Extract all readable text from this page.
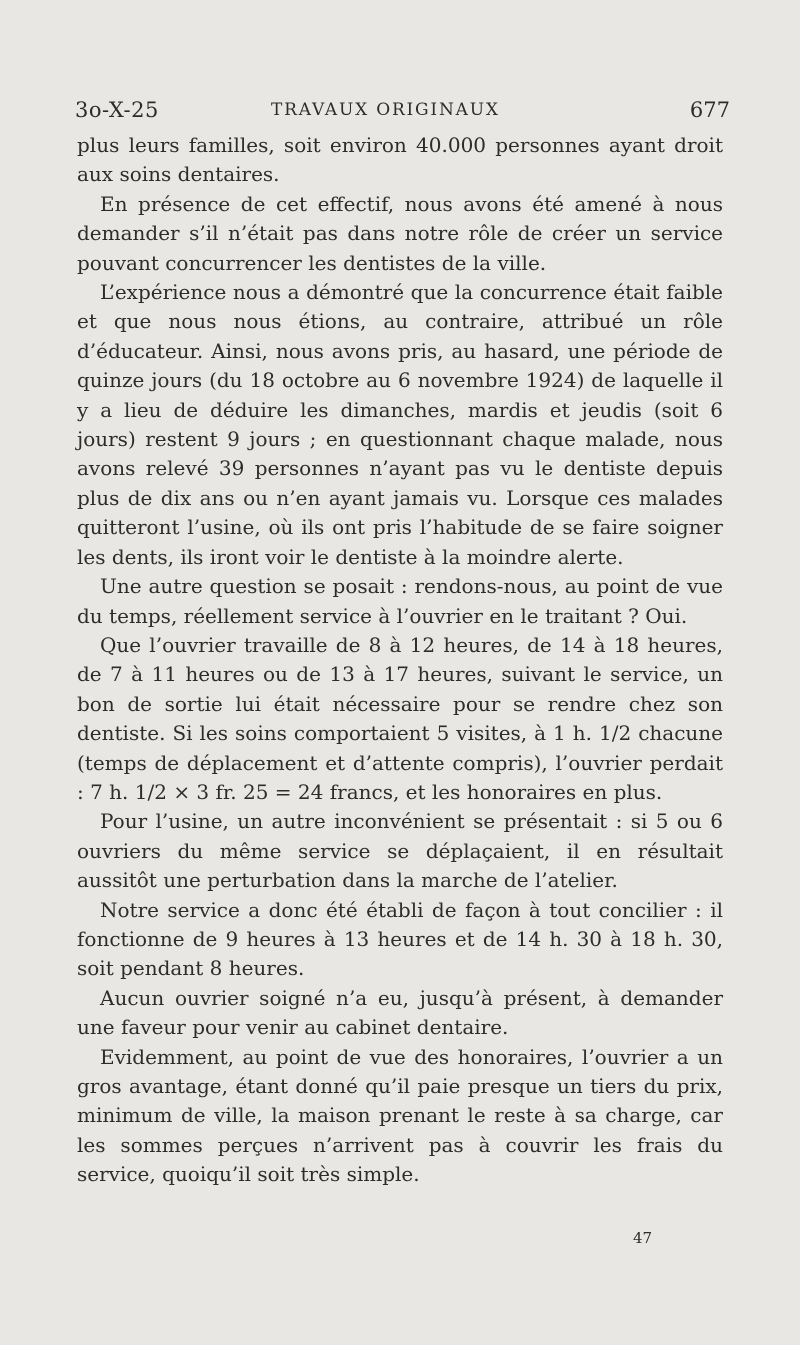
3o-X-25	TRAVAUX ORIGINAUX	677

plus leurs familles, soit environ 40.000 personnes ayant droit aux soins dentaires.

En présence de cet effectif, nous avons été amené à nous demander s’il n’était pas dans notre rôle de créer un service pouvant concurrencer les dentistes de la ville.

L’expérience nous a démontré que la concurrence était faible et que nous nous étions, au contraire, attribué un rôle d’éducateur. Ainsi, nous avons pris, au hasard, une période de quinze jours (du 18 octobre au 6 novembre 1924) de laquelle il y a lieu de déduire les dimanches, mardis et jeudis (soit 6 jours) restent 9 jours ; en questionnant chaque malade, nous avons relevé 39 personnes n’ayant pas vu le dentiste depuis plus de dix ans ou n’en ayant jamais vu. Lorsque ces malades quitteront l’usine, où ils ont pris l’habitude de se faire soigner les dents, ils iront voir le dentiste à la moindre alerte.

Une autre question se posait : rendons-nous, au point de vue du temps, réellement service à l’ouvrier en le traitant ? Oui.

Que l’ouvrier travaille de 8 à 12 heures, de 14 à 18 heures, de 7 à 11 heures ou de 13 à 17 heures, suivant le service, un bon de sortie lui était nécessaire pour se rendre chez son dentiste. Si les soins comportaient 5 visites, à 1 h. 1/2 chacune (temps de déplacement et d’attente compris), l’ouvrier perdait : 7 h. 1/2 × 3 fr. 25 = 24 francs, et les honoraires en plus.

Pour l’usine, un autre inconvénient se présentait : si 5 ou 6 ouvriers du même service se déplaçaient, il en résultait aussitôt une perturbation dans la marche de l’atelier.

Notre service a donc été établi de façon à tout concilier : il fonctionne de 9 heures à 13 heures et de 14 h. 30 à 18 h. 30, soit pendant 8 heures.

Aucun ouvrier soigné n’a eu, jusqu’à présent, à demander une faveur pour venir au cabinet dentaire.

Evidemment, au point de vue des honoraires, l’ouvrier a un gros avantage, étant donné qu’il paie presque un tiers du prix, minimum de ville, la maison prenant le reste à sa charge, car les sommes perçues n’arrivent pas à couvrir les frais du service, quoiqu’il soit très simple.

47
